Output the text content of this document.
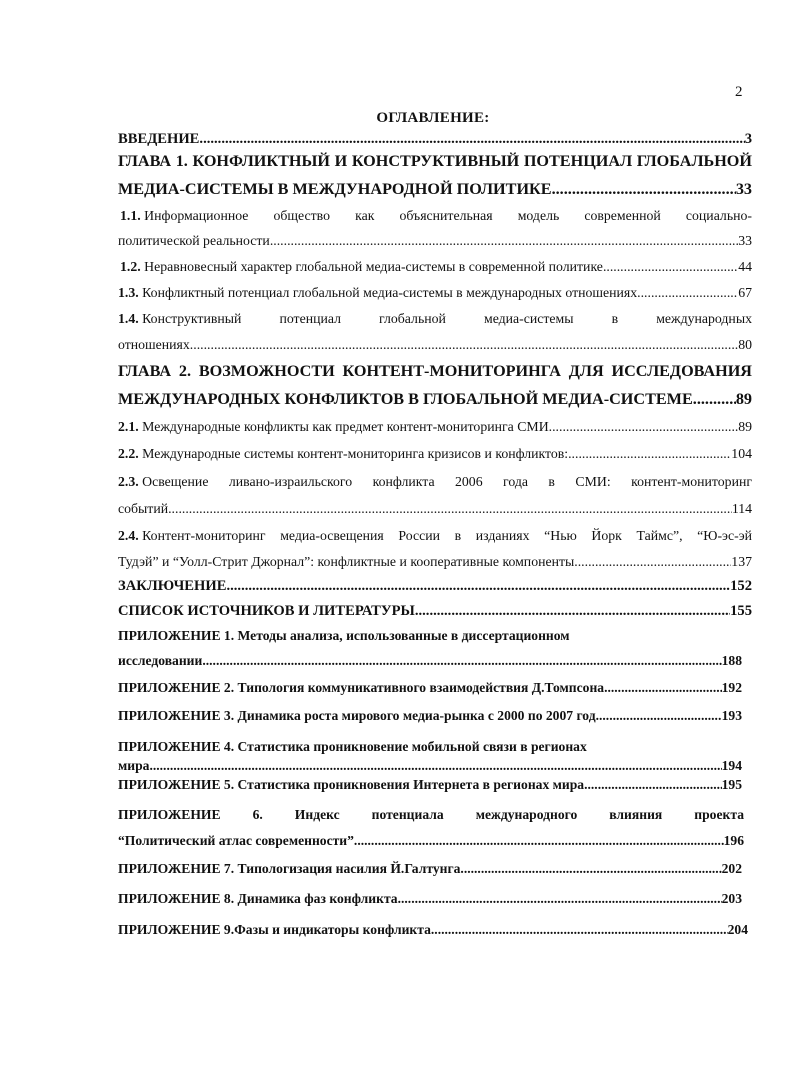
2
ОГЛАВЛЕНИЕ:
ВВЕДЕНИЕ .....	3
ГЛАВА 1. КОНФЛИКТНЫЙ И КОНСТРУКТИВНЫЙ ПОТЕНЦИАЛ ГЛОБАЛЬНОЙ
МЕДИА-СИСТЕМЫ В МЕЖДУНАРОДНОЙ ПОЛИТИКЕ .....	33
1.1.
Информационное общество как объяснительная модель современной социально-
политической реальности .....	33
1.2.
Неравновесный характер глобальной медиа-системы в современной политике .....	44
1.3.
Конфликтный потенциал глобальной медиа-системы в международных отношениях .....	67
1.4.
Конструктивный потенциал глобальной медиа-системы в международных
отношениях .....	80
ГЛАВА 2. ВОЗМОЖНОСТИ КОНТЕНТ-МОНИТОРИНГА ДЛЯ ИССЛЕДОВАНИЯ
МЕЖДУНАРОДНЫХ КОНФЛИКТОВ В ГЛОБАЛЬНОЙ МЕДИА-СИСТЕМЕ .....	89
2.1.
Международные конфликты как предмет контент-мониторинга СМИ .....	89
2.2.
Международные системы контент-мониторинга кризисов и конфликтов: .....	104
2.3.
Освещение ливано-израильского конфликта 2006 года в СМИ: контент-мониторинг
событий .....	114
2.4.
Контент-мониторинг медиа-освещения России в изданиях “Нью Йорк Таймс”, “Ю-эс-эй
Тудэй” и “Уолл-Стрит Джорнал”: конфликтные и кооперативные компоненты .....	137
ЗАКЛЮЧЕНИЕ .....	152
СПИСОК ИСТОЧНИКОВ И ЛИТЕРАТУРЫ .....	155
ПРИЛОЖЕНИЕ 1. Методы анализа, использованные в диссертационном
исследовании .....	188
ПРИЛОЖЕНИЕ 2. Типология коммуникативного взаимодействия Д.Томпсона .....	192
ПРИЛОЖЕНИЕ 3. Динамика роста мирового медиа-рынка с 2000 по 2007 год .....	193
ПРИЛОЖЕНИЕ 4. Статистика проникновение мобильной связи в регионах
мира .....	194
ПРИЛОЖЕНИЕ 5. Статистика проникновения Интернета в регионах мира .....	195
ПРИЛОЖЕНИЕ 6. Индекс потенциала международного влияния проекта
“Политический атлас современности” .....	196
ПРИЛОЖЕНИЕ 7. Типологизация насилия Й.Галтунга .....	202
ПРИЛОЖЕНИЕ 8. Динамика фаз конфликта .....	203
ПРИЛОЖЕНИЕ 9.Фазы и индикаторы конфликта .....	204
